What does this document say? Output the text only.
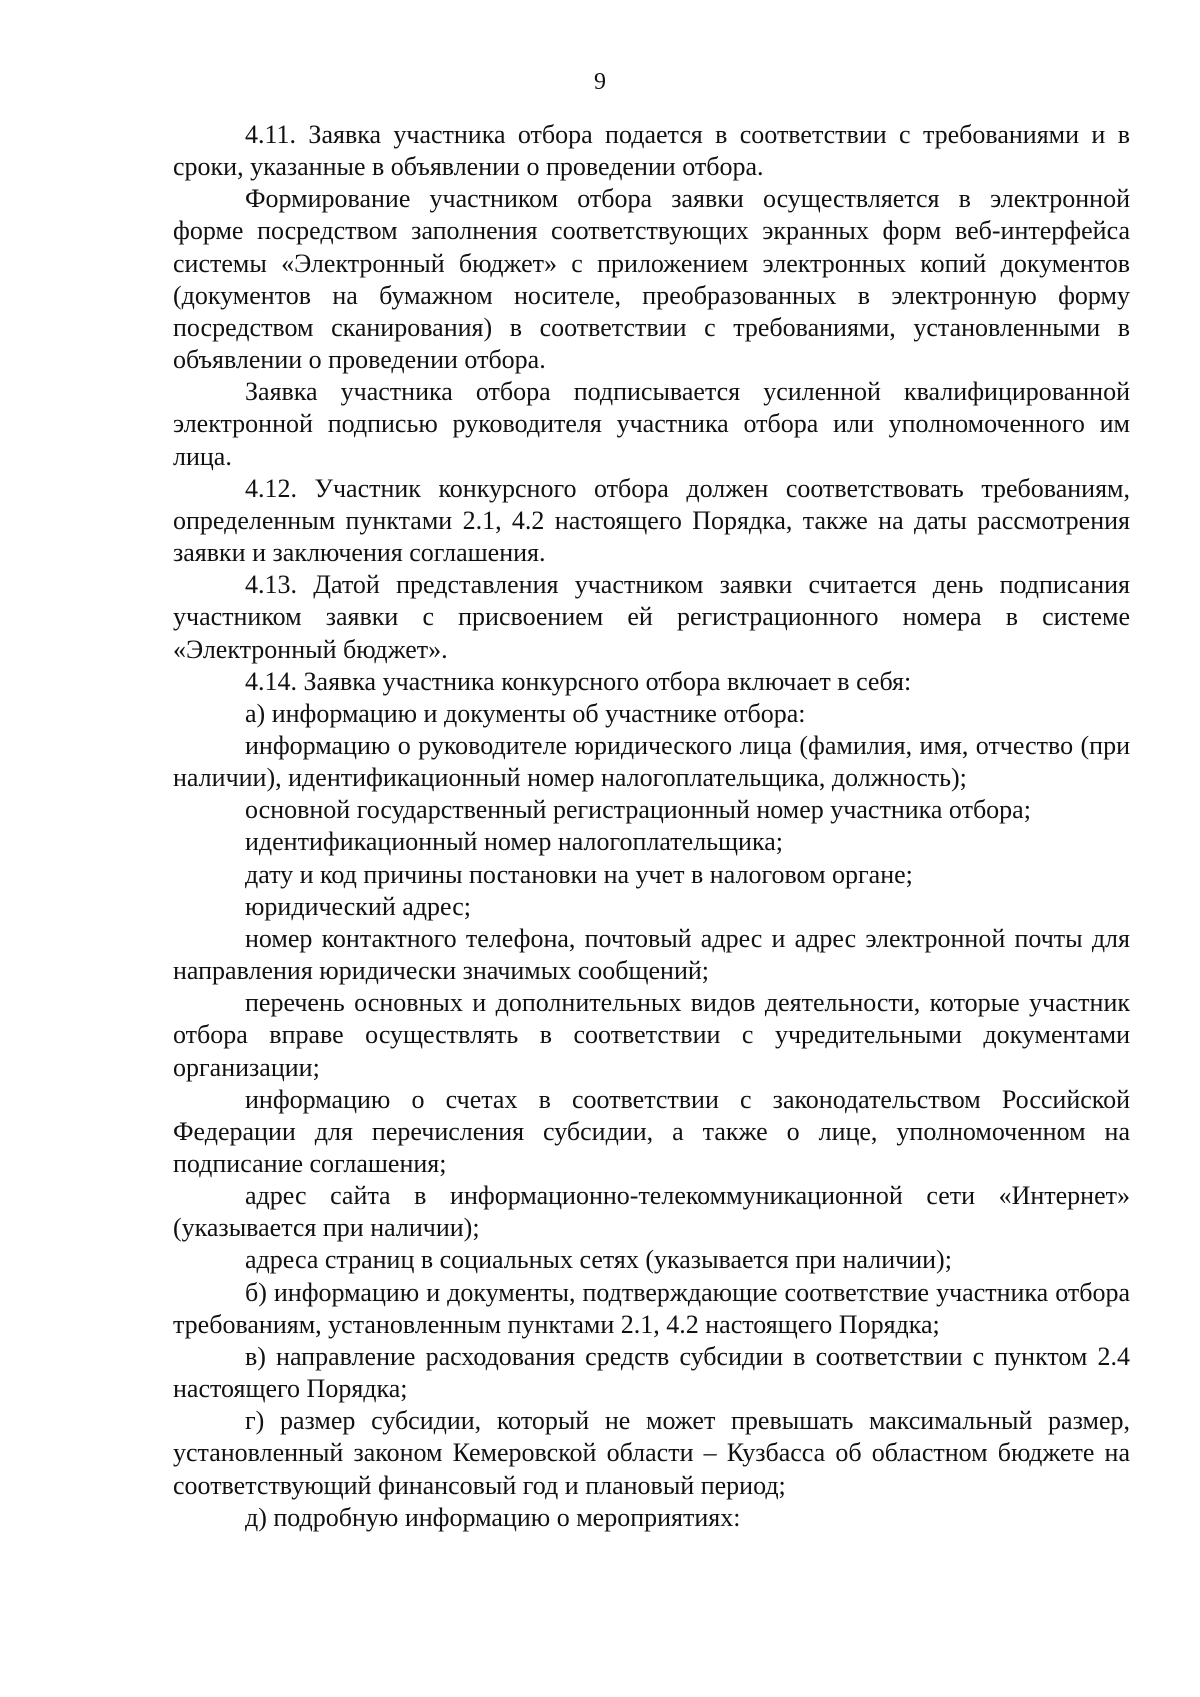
9

4.11. Заявка участника отбора подается в соответствии с требованиями и в сроки, указанные в объявлении о проведении отбора.

Формирование участником отбора заявки осуществляется в электронной форме посредством заполнения соответствующих экранных форм веб-интерфейса системы «Электронный бюджет» с приложением электронных копий документов (документов на бумажном носителе, преобразованных в электронную форму посредством сканирования) в соответствии с требованиями, установленными в объявлении о проведении отбора.

Заявка участника отбора подписывается усиленной квалифицированной электронной подписью руководителя участника отбора или уполномоченного им лица.

4.12. Участник конкурсного отбора должен соответствовать требованиям, определенным пунктами 2.1, 4.2 настоящего Порядка, также на даты рассмотрения заявки и заключения соглашения.

4.13. Датой представления участником заявки считается день подписания участником заявки с присвоением ей регистрационного номера в системе «Электронный бюджет».

4.14. Заявка участника конкурсного отбора включает в себя:

а) информацию и документы об участнике отбора:

информацию о руководителе юридического лица (фамилия, имя, отчество (при наличии), идентификационный номер налогоплательщика, должность);

основной государственный регистрационный номер участника отбора;

идентификационный номер налогоплательщика;

дату и код причины постановки на учет в налоговом органе;

юридический адрес;

номер контактного телефона, почтовый адрес и адрес электронной почты для направления юридически значимых сообщений;

перечень основных и дополнительных видов деятельности, которые участник отбора вправе осуществлять в соответствии с учредительными документами организации;

информацию о счетах в соответствии с законодательством Российской Федерации для перечисления субсидии, а также о лице, уполномоченном на подписание соглашения;

адрес сайта в информационно-телекоммуникационной сети «Интернет» (указывается при наличии);

адреса страниц в социальных сетях (указывается при наличии);

б) информацию и документы, подтверждающие соответствие участника отбора требованиям, установленным пунктами 2.1, 4.2 настоящего Порядка;

в) направление расходования средств субсидии в соответствии с пунктом 2.4 настоящего Порядка;

г) размер субсидии, который не может превышать максимальный размер, установленный законом Кемеровской области – Кузбасса об областном бюджете на соответствующий финансовый год и плановый период;

д) подробную информацию о мероприятиях:
